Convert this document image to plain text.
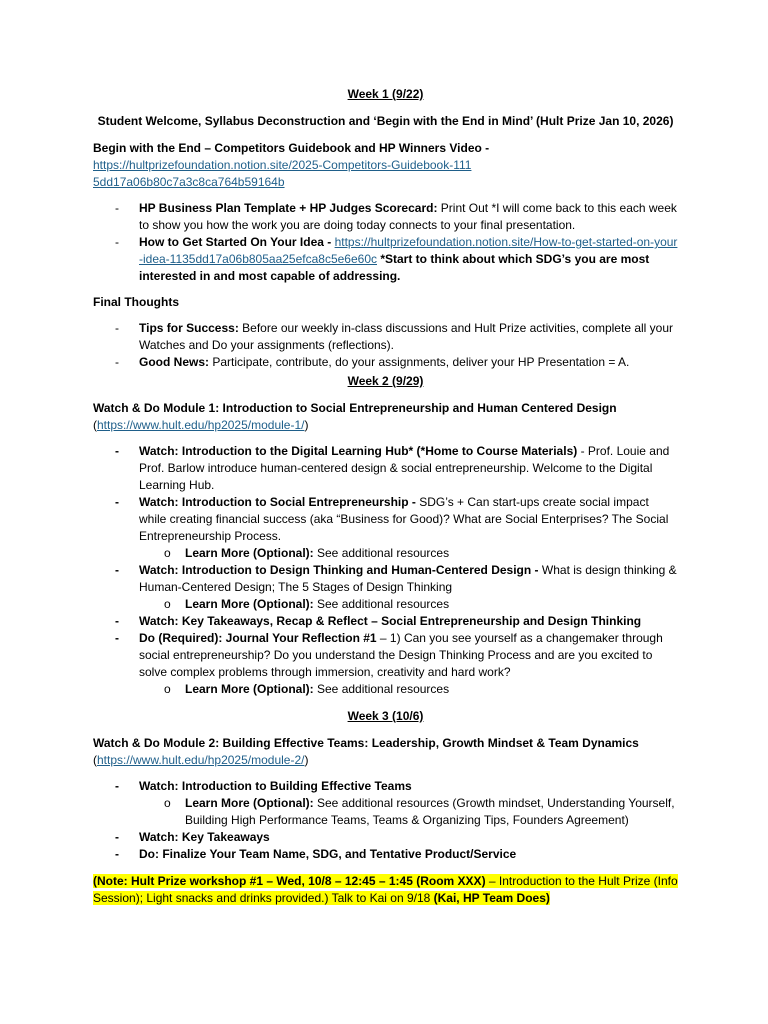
Week 1 (9/22)

Student Welcome, Syllabus Deconstruction and ‘Begin with the End in Mind’ (Hult Prize Jan 10, 2026)

Begin with the End – Competitors Guidebook and HP Winners Video -

https://hultprizefoundation.notion.site/2025-Competitors-Guidebook-1115dd17a06b80c7a3c8ca764b59164b

-	HP Business Plan Template + HP Judges Scorecard: Print Out *I will come back to this each week to show you how the work you are doing today connects to your final presentation.
-	How to Get Started On Your Idea - https://hultprizefoundation.notion.site/How-to-get-started-on-your-idea-1135dd17a06b805aa25efca8c5e6e60c *Start to think about which SDG’s you are most interested in and most capable of addressing.

Final Thoughts

-	Tips for Success: Before our weekly in-class discussions and Hult Prize activities, complete all your Watches and Do your assignments (reflections).
-	Good News: Participate, contribute, do your assignments, deliver your HP Presentation = A.

Week 2 (9/29)

Watch & Do Module 1: Introduction to Social Entrepreneurship and Human Centered Design

(https://www.hult.edu/hp2025/module-1/)

-	Watch: Introduction to the Digital Learning Hub* (*Home to Course Materials) - Prof. Louie and Prof. Barlow introduce human-centered design & social entrepreneurship. Welcome to the Digital Learning Hub.
-	Watch: Introduction to Social Entrepreneurship - SDG’s + Can start-ups create social impact while creating financial success (aka “Business for Good)? What are Social Enterprises? The Social Entrepreneurship Process.
o Learn More (Optional): See additional resources
-	Watch: Introduction to Design Thinking and Human-Centered Design - What is design thinking & Human-Centered Design; The 5 Stages of Design Thinking
o Learn More (Optional): See additional resources
-	Watch: Key Takeaways, Recap & Reflect – Social Entrepreneurship and Design Thinking
-	Do (Required): Journal Your Reflection #1 – 1) Can you see yourself as a changemaker through social entrepreneurship? Do you understand the Design Thinking Process and are you excited to solve complex problems through immersion, creativity and hard work?
o Learn More (Optional): See additional resources

Week 3 (10/6)

Watch & Do Module 2: Building Effective Teams: Leadership, Growth Mindset & Team Dynamics

(https://www.hult.edu/hp2025/module-2/)

-	Watch: Introduction to Building Effective Teams
o Learn More (Optional): See additional resources (Growth mindset, Understanding Yourself, Building High Performance Teams, Teams & Organizing Tips, Founders Agreement)
-	Watch: Key Takeaways
-	Do: Finalize Your Team Name, SDG, and Tentative Product/Service

(Note: Hult Prize workshop #1 – Wed, 10/8 – 12:45 – 1:45 (Room XXX) – Introduction to the Hult Prize (Info Session); Light snacks and drinks provided.) Talk to Kai on 9/18 (Kai, HP Team Does)
